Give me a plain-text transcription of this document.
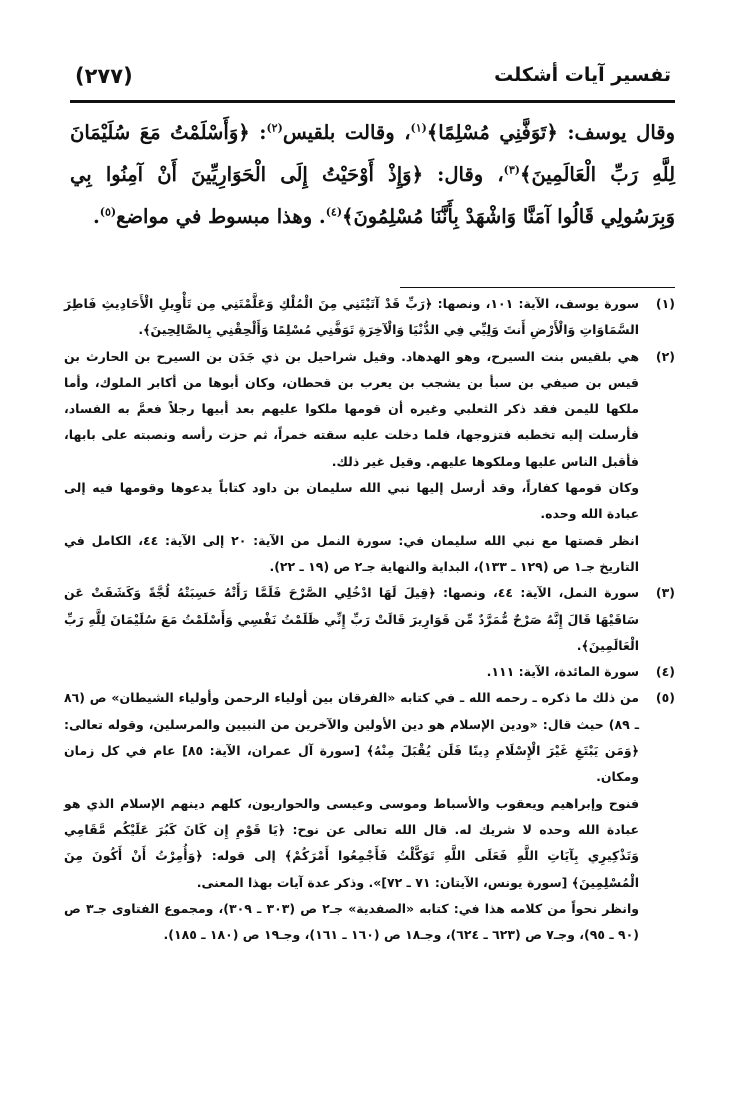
(٢٧٧)	تفسير آيات أشكلت

وقال يوسف: ﴿تَوَفَّنِي مُسْلِمًا﴾$^{(١)}$، وقالت بلقيس$^{(٢)}$: ﴿وَأَسْلَمْتُ مَعَ سُلَيْمَانَ لِلَّهِ رَبِّ الْعَالَمِينَ﴾$^{(٣)}$، وقال: ﴿وَإِذْ أَوْحَيْتُ إِلَى الْحَوَارِيِّينَ أَنْ آمِنُوا بِي وَبِرَسُولِي قَالُوا آمَنَّا وَاشْهَدْ بِأَنَّنَا مُسْلِمُونَ﴾$^{(٤)}$. وهذا مبسوط في مواضع$^{(٥)}$.

(١)
سورة يوسف، الآية: ١٠١، ونصها: ﴿رَبِّ قَدْ آتَيْتَنِي مِنَ الْمُلْكِ وَعَلَّمْتَنِي مِن تَأْوِيلِ الْأَحَادِيثِ فَاطِرَ السَّمَاوَاتِ وَالْأَرْضِ أَنتَ وَلِيِّي فِي الدُّنْيَا وَالْآخِرَةِ تَوَفَّنِي مُسْلِمًا وَأَلْحِقْنِي بِالصَّالِحِينَ﴾.
(٢)
هي بلقيس بنت السيرح، وهو الهدهاد. وقيل شراحيل بن ذي جَدَن بن السيرح بن الحارث بن قيس بن صيفي بن سبأ بن يشجب بن يعرب بن قحطان، وكان أبوها من أكابر الملوك، وأما ملكها لليمن فقد ذكر الثعلبي وغيره أن قومها ملكوا عليهم بعد أبيها رجلاً فعمَّ به الفساد، فأرسلت إليه تخطبه فتزوجها، فلما دخلت عليه سقته خمراً، ثم حزت رأسه ونصبته على بابها، فأقبل الناس عليها وملكوها عليهم. وقيل غير ذلك.
وكان قومها كفاراً، وقد أرسل إليها نبي الله سليمان بن داود كتاباً يدعوها وقومها فيه إلى عبادة الله وحده.
انظر قصتها مع نبي الله سليمان في: سورة النمل من الآية: ٢٠ إلى الآية: ٤٤، الكامل في التاريخ جـ١ ص (١٢٩ ـ ١٣٣)، البداية والنهاية جـ٢ ص (١٩ ـ ٢٢).
(٣)
سورة النمل، الآية: ٤٤، ونصها: ﴿قِيلَ لَهَا ادْخُلِي الصَّرْحَ فَلَمَّا رَأَتْهُ حَسِبَتْهُ لُجَّةً وَكَشَفَتْ عَن سَاقَيْهَا قَالَ إِنَّهُ صَرْحٌ مُّمَرَّدٌ مِّن قَوَارِيرَ قَالَتْ رَبِّ إِنِّي ظَلَمْتُ نَفْسِي وَأَسْلَمْتُ مَعَ سُلَيْمَانَ لِلَّهِ رَبِّ الْعَالَمِينَ﴾.
(٤)
سورة المائدة، الآية: ١١١.
(٥)
من ذلك ما ذكره ـ رحمه الله ـ في كتابه «الفرقان بين أولياء الرحمن وأولياء الشيطان» ص (٨٦ ـ ٨٩) حيث قال: «ودين الإسلام هو دين الأولين والآخرين من النبيين والمرسلين، وقوله تعالى: ﴿وَمَن يَبْتَغِ غَيْرَ الْإِسْلَامِ دِينًا فَلَن يُقْبَلَ مِنْهُ﴾ [سورة آل عمران، الآية: ٨٥] عام في كل زمان ومكان.
فنوح وإبراهيم ويعقوب والأسباط وموسى وعيسى والحواريون، كلهم دينهم الإسلام الذي هو عبادة الله وحده لا شريك له. قال الله تعالى عن نوح: ﴿يَا قَوْمِ إِن كَانَ كَبُرَ عَلَيْكُم مَّقَامِي وَتَذْكِيرِي بِآيَاتِ اللَّهِ فَعَلَى اللَّهِ تَوَكَّلْتُ فَأَجْمِعُوا أَمْرَكُمْ﴾ إلى قوله: ﴿وَأُمِرْتُ أَنْ أَكُونَ مِنَ الْمُسْلِمِينَ﴾ [سورة يونس، الآيتان: ٧١ ـ ٧٢]». وذكر عدة آيات بهذا المعنى.
وانظر نحواً من كلامه هذا في: كتابه «الصفدية» جـ٢ ص (٣٠٣ ـ ٣٠٩)، ومجموع الفتاوى جـ٣ ص (٩٠ ـ ٩٥)، وجـ٧ ص (٦٢٣ ـ ٦٢٤)، وجـ١٨ ص (١٦٠ ـ ١٦١)، وجـ١٩ ص (١٨٠ ـ ١٨٥).
